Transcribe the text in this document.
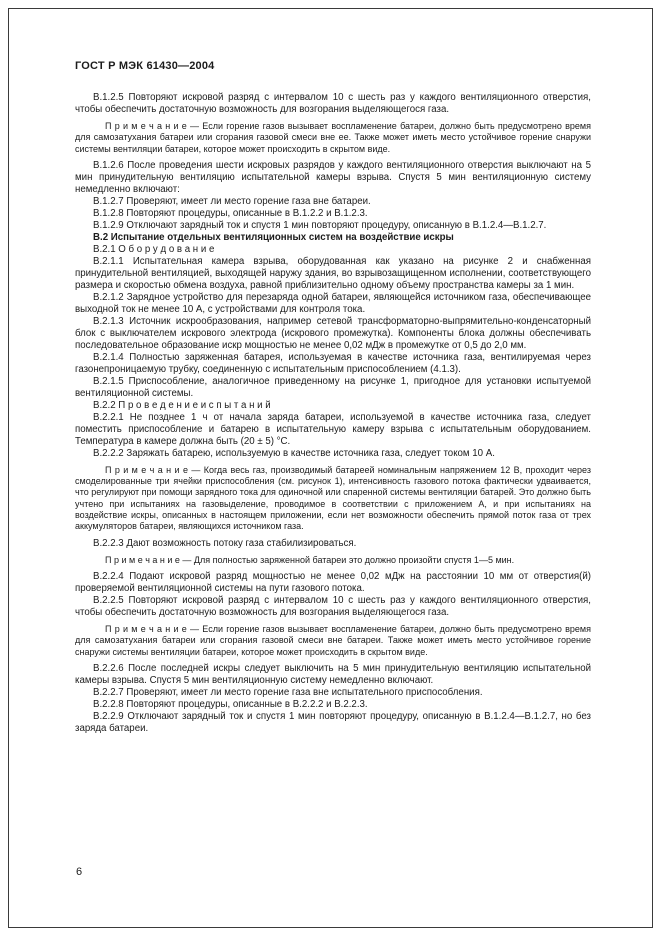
ГОСТ Р МЭК 61430—2004

В.1.2.5 Повторяют искровой разряд с интервалом 10 с шесть раз у каждого вентиляционного отверстия, чтобы обеспечить достаточную возможность для возгорания выделяющегося газа.

П р и м е ч а н и е — Если горение газов вызывает воспламенение батареи, должно быть предусмотрено время для самозатухания батареи или сгорания газовой смеси вне ее. Также может иметь место устойчивое горение снаружи системы вентиляции батареи, которое может происходить в скрытом виде.

В.1.2.6 После проведения шести искровых разрядов у каждого вентиляционного отверстия выключают на 5 мин принудительную вентиляцию испытательной камеры взрыва. Спустя 5 мин вентиляционную систему немедленно включают:

В.1.2.7 Проверяют, имеет ли место горение газа вне батареи.

В.1.2.8 Повторяют процедуры, описанные в В.1.2.2 и В.1.2.3.

В.1.2.9 Отключают зарядный ток и спустя 1 мин повторяют процедуру, описанную в В.1.2.4—В.1.2.7.

В.2 Испытание отдельных вентиляционных систем на воздействие искры

В.2.1 О б о р у д о в а н и е

В.2.1.1 Испытательная камера взрыва, оборудованная как указано на рисунке 2 и снабженная принудительной вентиляцией, выходящей наружу здания, во взрывозащищенном исполнении, соответствующего размера и скоростью обмена воздуха, равной приблизительно одному объему пространства камеры за 1 мин.

В.2.1.2 Зарядное устройство для перезаряда одной батареи, являющейся источником газа, обеспечивающее выходной ток не менее 10 А, с устройствами для контроля тока.

В.2.1.3 Источник искрообразования, например сетевой трансформаторно-выпрямительно-конденсаторный блок с выключателем искрового электрода (искрового промежутка). Компоненты блока должны обеспечивать последовательное образование искр мощностью не менее 0,02 мДж в промежутке от 0,5 до 2,0 мм.

В.2.1.4 Полностью заряженная батарея, используемая в качестве источника газа, вентилируемая через газонепроницаемую трубку, соединенную с испытательным приспособлением (4.1.3).

В.2.1.5 Приспособление, аналогичное приведенному на рисунке 1, пригодное для установки испытуемой вентиляционной системы.

В.2.2 П р о в е д е н и е и с п ы т а н и й

В.2.2.1 Не позднее 1 ч от начала заряда батареи, используемой в качестве источника газа, следует поместить приспособление и батарею в испытательную камеру взрыва с испытательным оборудованием. Температура в камере должна быть (20 ± 5) °С.

В.2.2.2 Заряжать батарею, используемую в качестве источника газа, следует током 10 А.

П р и м е ч а н и е — Когда весь газ, производимый батареей номинальным напряжением 12 В, проходит через смоделированные три ячейки приспособления (см. рисунок 1), интенсивность газового потока фактически удваивается, что регулируют при помощи зарядного тока для одиночной или спаренной системы вентиляции батарей. Это должно быть учтено при испытаниях на газовыделение, проводимое в соответствии с приложением А, и при испытаниях на воздействие искры, описанных в настоящем приложении, если нет возможности обеспечить прямой поток газа от трех аккумуляторов батареи, являющихся источником газа.

В.2.2.3 Дают возможность потоку газа стабилизироваться.

П р и м е ч а н и е — Для полностью заряженной батареи это должно произойти спустя 1—5 мин.

В.2.2.4 Подают искровой разряд мощностью не менее 0,02 мДж на расстоянии 10 мм от отверстия(й) проверяемой вентиляционной системы на пути газового потока.

В.2.2.5 Повторяют искровой разряд с интервалом 10 с шесть раз у каждого вентиляционного отверстия, чтобы обеспечить достаточную возможность для возгорания выделяющегося газа.

П р и м е ч а н и е — Если горение газов вызывает воспламенение батареи, должно быть предусмотрено время для самозатухания батареи или сгорания газовой смеси вне батареи. Также может иметь место устойчивое горение снаружи системы вентиляции батареи, которое может происходить в скрытом виде.

В.2.2.6 После последней искры следует выключить на 5 мин принудительную вентиляцию испытательной камеры взрыва. Спустя 5 мин вентиляционную систему немедленно включают.

В.2.2.7 Проверяют, имеет ли место горение газа вне испытательного приспособления.

В.2.2.8 Повторяют процедуры, описанные в В.2.2.2 и В.2.2.3.

В.2.2.9 Отключают зарядный ток и спустя 1 мин повторяют процедуру, описанную в В.1.2.4—В.1.2.7, но без заряда батареи.

6
